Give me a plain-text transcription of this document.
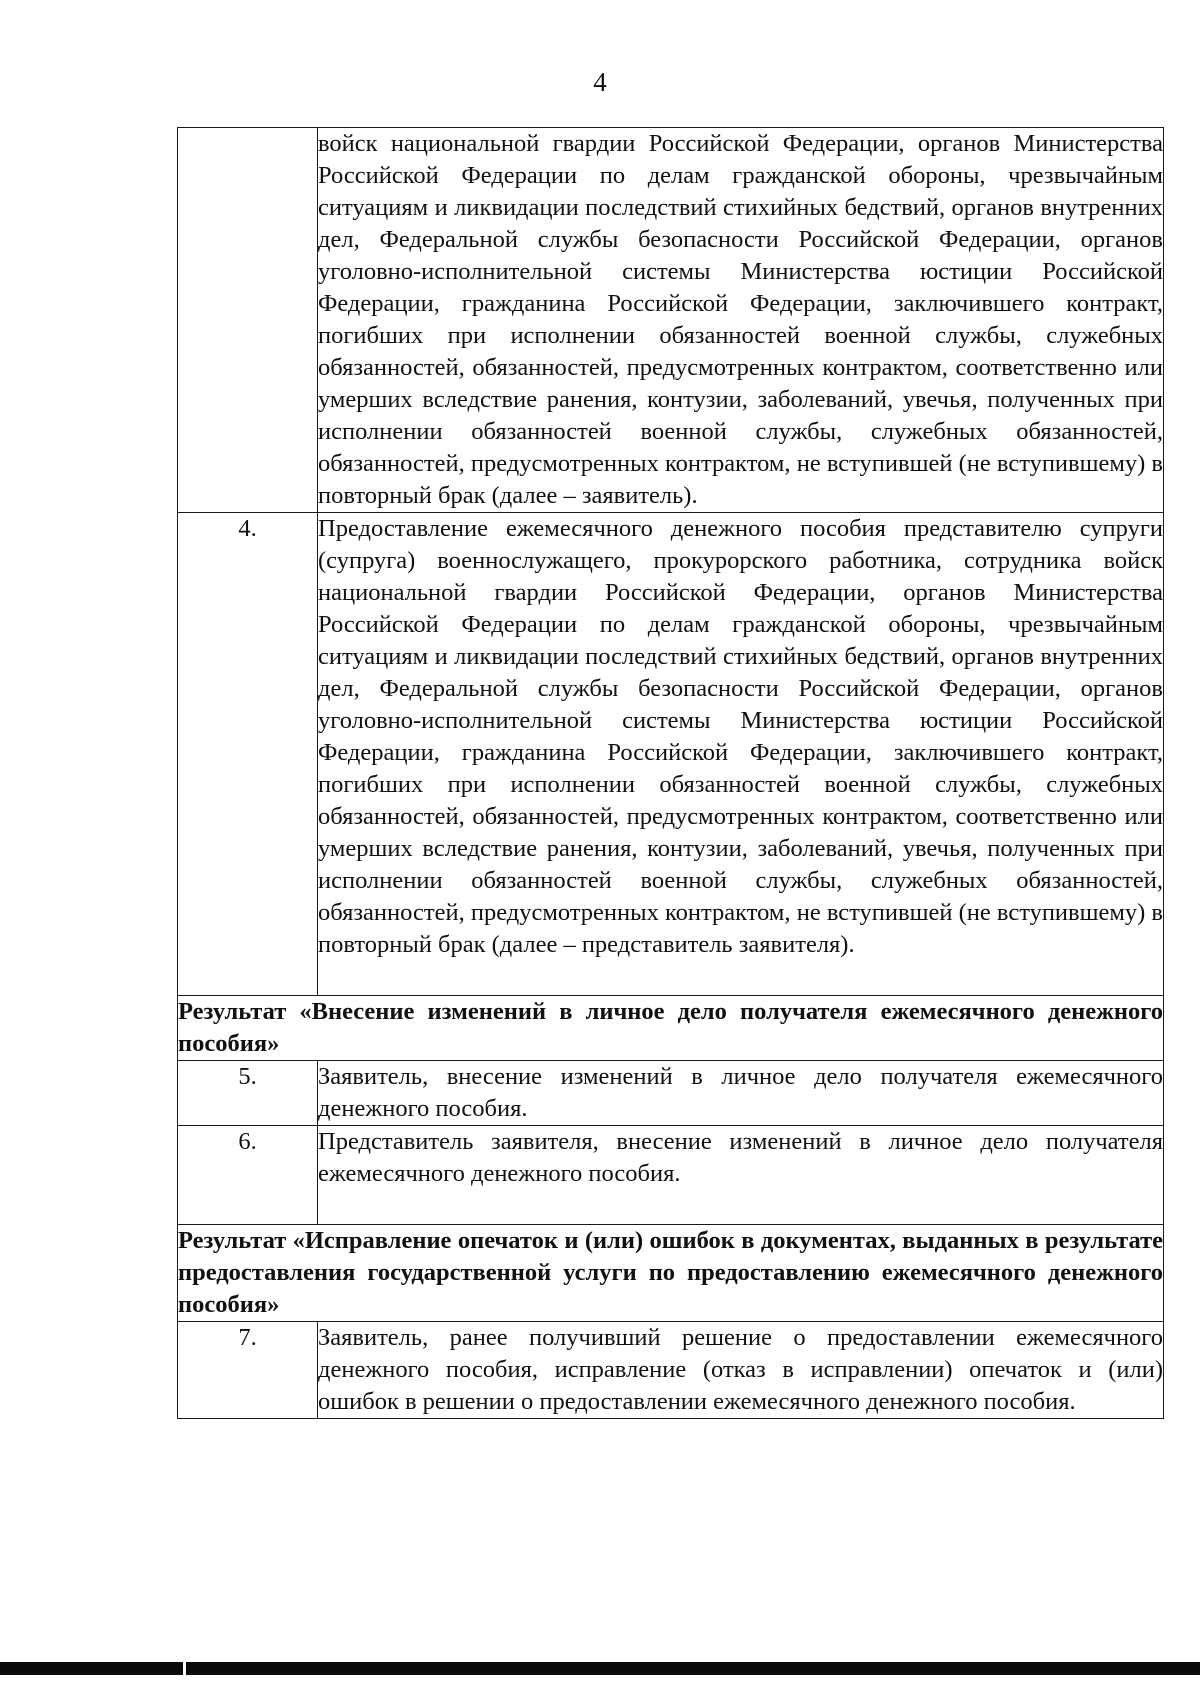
4
	войск национальной гвардии Российской Федерации, органов Министерства Российской Федерации по делам гражданской обороны, чрезвычайным ситуациям и ликвидации последствий стихийных бедствий, органов внутренних дел, Федеральной службы безопасности Российской Федерации, органов уголовно-исполнительной системы Министерства юстиции Российской Федерации, гражданина Российской Федерации, заключившего контракт, погибших при исполнении обязанностей военной службы, служебных обязанностей, обязанностей, предусмотренных контрактом, соответственно или умерших вследствие ранения, контузии, заболеваний, увечья, полученных при исполнении обязанностей военной службы, служебных обязанностей, обязанностей, предусмотренных контрактом, не вступившей (не вступившему) в повторный брак (далее – заявитель).
4.	Предоставление ежемесячного денежного пособия представителю супруги (супруга) военнослужащего, прокурорского работника, сотрудника войск национальной гвардии Российской Федерации, органов Министерства Российской Федерации по делам гражданской обороны, чрезвычайным ситуациям и ликвидации последствий стихийных бедствий, органов внутренних дел, Федеральной службы безопасности Российской Федерации, органов уголовно-исполнительной системы Министерства юстиции Российской Федерации, гражданина Российской Федерации, заключившего контракт, погибших при исполнении обязанностей военной службы, служебных обязанностей, обязанностей, предусмотренных контрактом, соответственно или умерших вследствие ранения, контузии, заболеваний, увечья, полученных при исполнении обязанностей военной службы, служебных обязанностей, обязанностей, предусмотренных контрактом, не вступившей (не вступившему) в повторный брак (далее – представитель заявителя).
Результат «Внесение изменений в личное дело получателя ежемесячного денежного пособия»	
5.	Заявитель, внесение изменений в личное дело получателя ежемесячного денежного пособия.
6.	Представитель заявителя, внесение изменений в личное дело получателя ежемесячного денежного пособия.
Результат «Исправление опечаток и (или) ошибок в документах, выданных в результате предоставления государственной услуги по предоставлению ежемесячного денежного пособия»	
7.	Заявитель, ранее получивший решение о предоставлении ежемесячного денежного пособия, исправление (отказ в исправлении) опечаток и (или) ошибок в решении о предоставлении ежемесячного денежного пособия.
